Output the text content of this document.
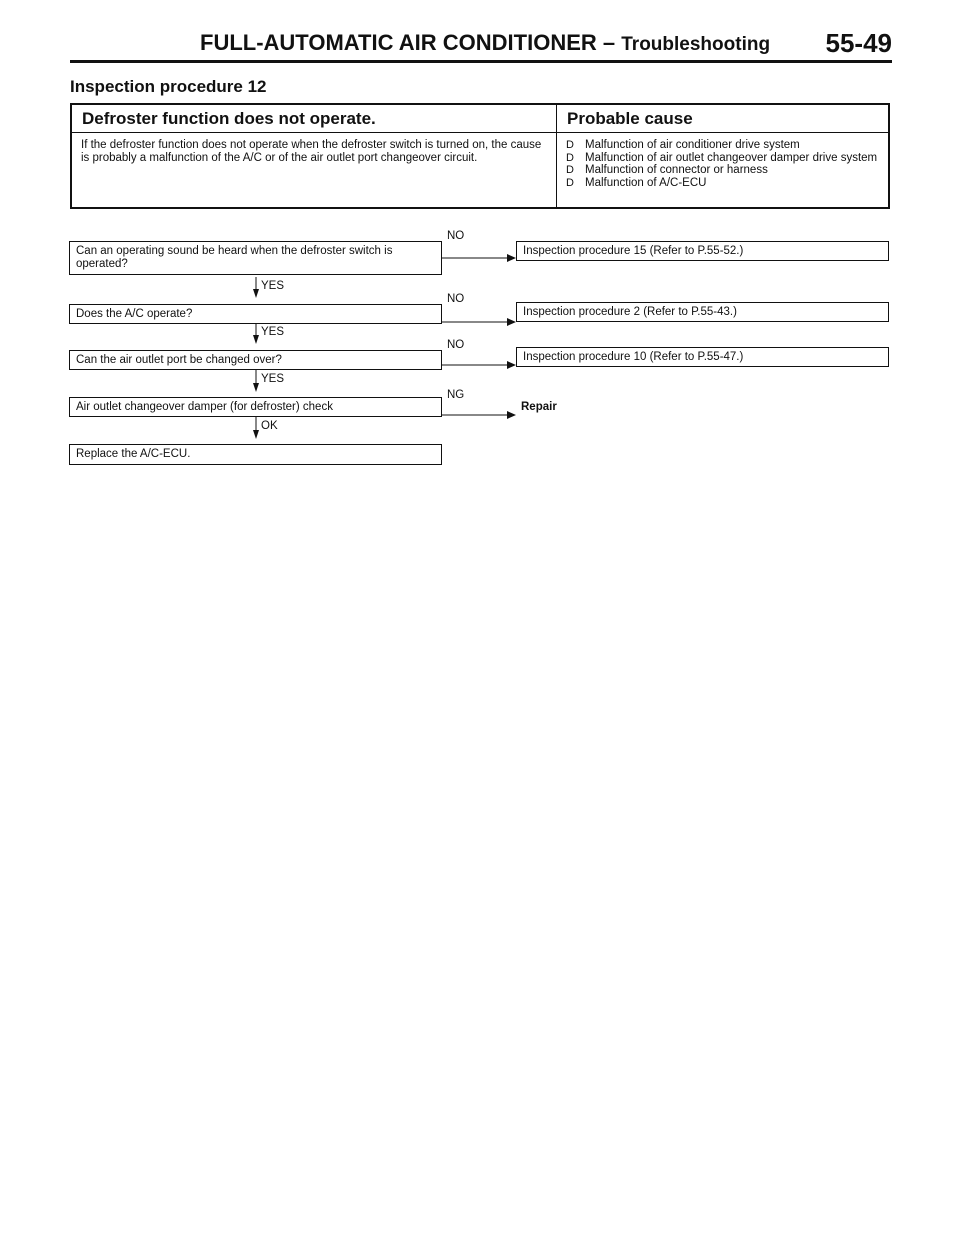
FULL-AUTOMATIC AIR CONDITIONER – Troubleshooting 55-49
Inspection procedure 12
Defroster function does not operate.
If the defroster function does not operate when the defroster switch is turned on, the cause is probably a malfunction of the A/C or of the air outlet port changeover circuit.
Probable cause
D Malfunction of air conditioner drive system
D Malfunction of air outlet changeover damper drive system
D Malfunction of connector or harness
D Malfunction of A/C-ECU
Can an operating sound be heard when the defroster switch is operated?
NO
Inspection procedure 15 (Refer to P.55-52.)
YES
Does the A/C operate?
NO
Inspection procedure 2 (Refer to P.55-43.)
YES
Can the air outlet port be changed over?
NO
Inspection procedure 10 (Refer to P.55-47.)
YES
Air outlet changeover damper (for defroster) check
NG
Repair
OK
Replace the A/C-ECU.
